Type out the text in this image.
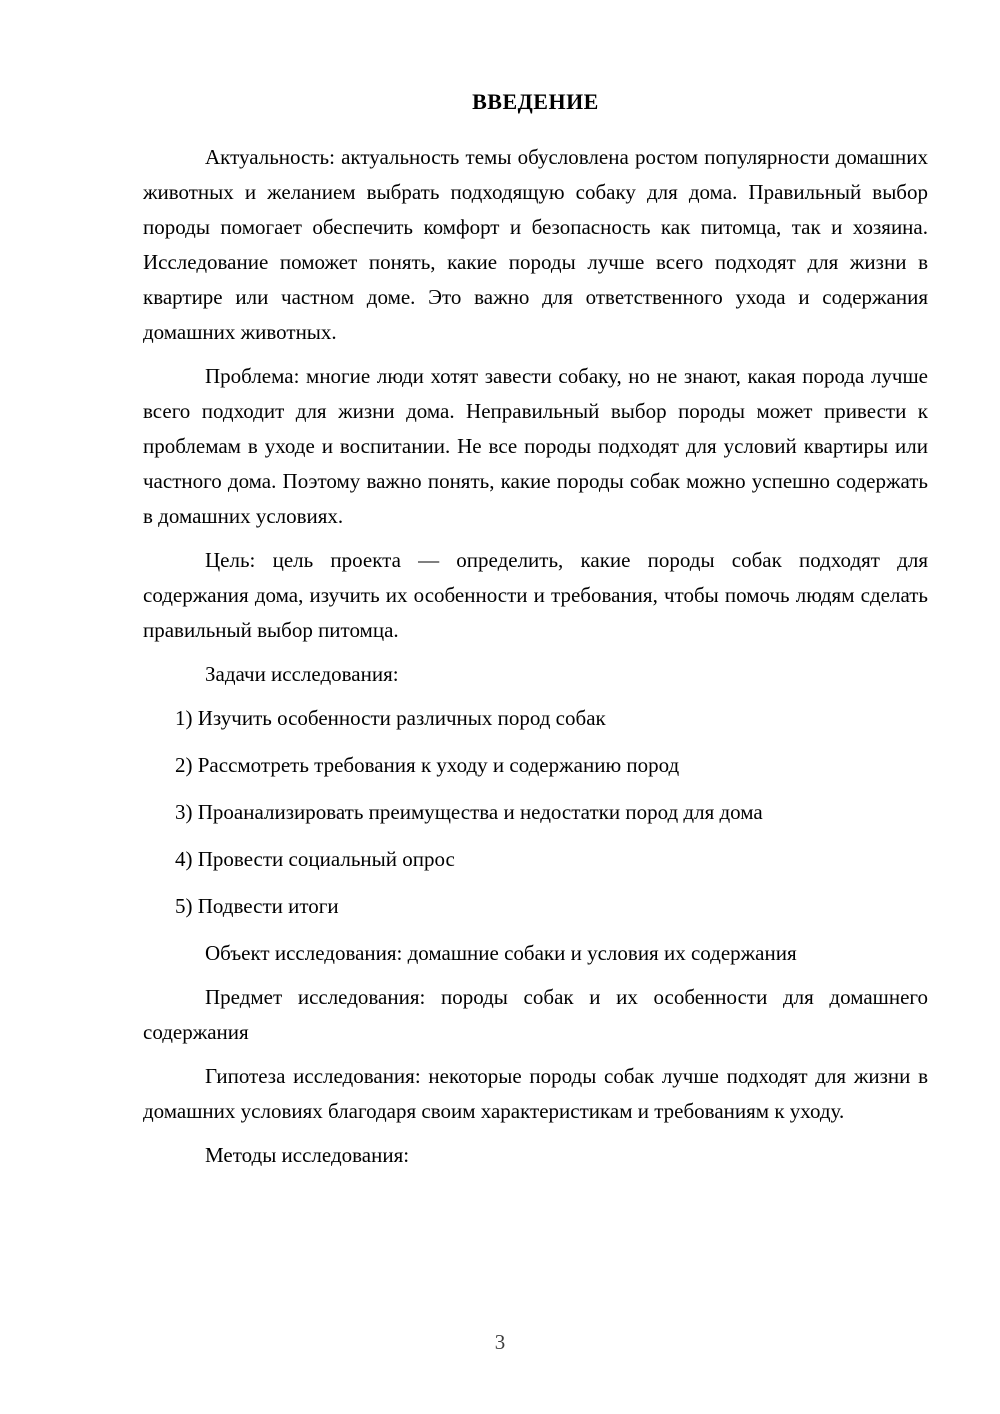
ВВЕДЕНИЕ

Актуальность: актуальность темы обусловлена ростом популярности домашних животных и желанием выбрать подходящую собаку для дома. Правильный выбор породы помогает обеспечить комфорт и безопасность как питомца, так и хозяина. Исследование поможет понять, какие породы лучше всего подходят для жизни в квартире или частном доме. Это важно для ответственного ухода и содержания домашних животных.

Проблема: многие люди хотят завести собаку, но не знают, какая порода лучше всего подходит для жизни дома. Неправильный выбор породы может привести к проблемам в уходе и воспитании. Не все породы подходят для условий квартиры или частного дома. Поэтому важно понять, какие породы собак можно успешно содержать в домашних условиях.

Цель: цель проекта — определить, какие породы собак подходят для содержания дома, изучить их особенности и требования, чтобы помочь людям сделать правильный выбор питомца.

Задачи исследования:

1) Изучить особенности различных пород собак
2) Рассмотреть требования к уходу и содержанию пород
3) Проанализировать преимущества и недостатки пород для дома
4) Провести социальный опрос
5) Подвести итоги

Объект исследования: домашние собаки и условия их содержания

Предмет исследования: породы собак и их особенности для домашнего содержания

Гипотеза исследования: некоторые породы собак лучше подходят для жизни в домашних условиях благодаря своим характеристикам и требованиям к уходу.

Методы исследования:

3
